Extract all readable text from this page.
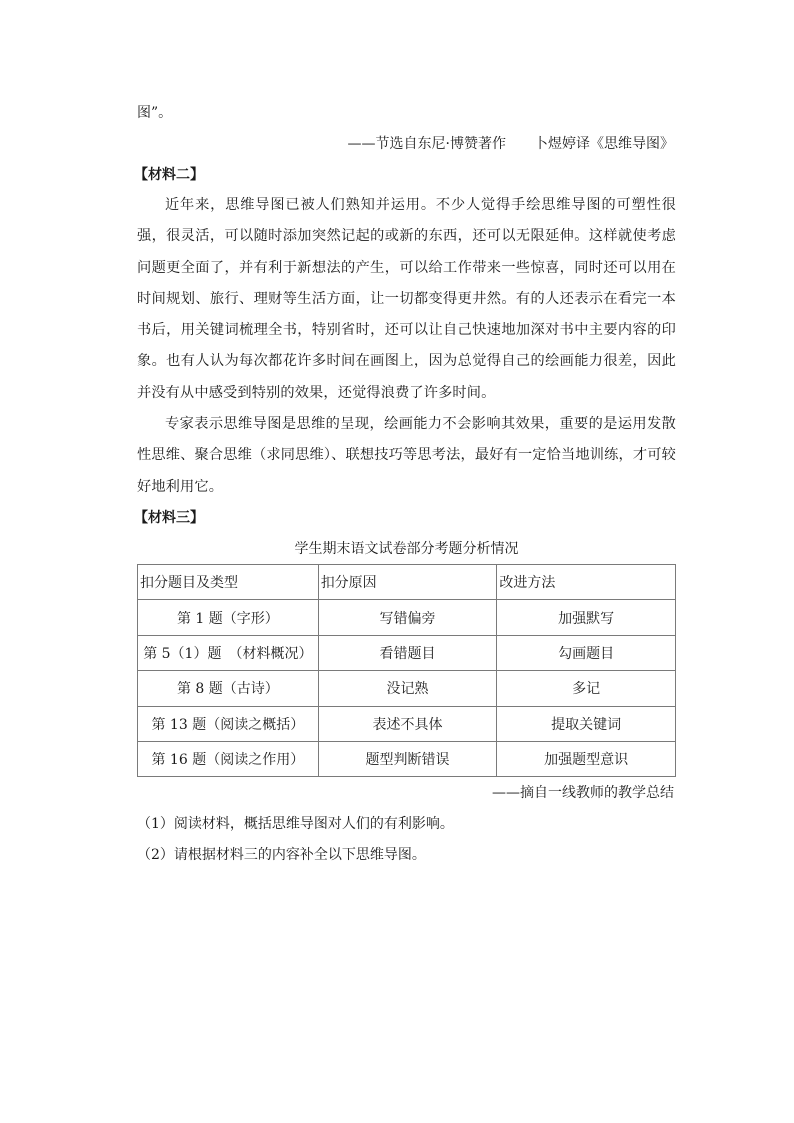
图”。
——节选自东尼·博赞著作　　卜煜婷译《思维导图》
【材料二】
近年来，思维导图已被人们熟知并运用。不少人觉得手绘思维导图的可塑性很强，很灵活，可以随时添加突然记起的或新的东西，还可以无限延伸。这样就使考虑问题更全面了，并有利于新想法的产生，可以给工作带来一些惊喜，同时还可以用在时间规划、旅行、理财等生活方面，让一切都变得更井然。有的人还表示在看完一本书后，用关键词梳理全书，特别省时，还可以让自己快速地加深对书中主要内容的印象。也有人认为每次都花许多时间在画图上，因为总觉得自己的绘画能力很差，因此并没有从中感受到特别的效果，还觉得浪费了许多时间。
专家表示思维导图是思维的呈现，绘画能力不会影响其效果，重要的是运用发散性思维、聚合思维（求同思维）、联想技巧等思考法，最好有一定恰当地训练，才可较好地利用它。
【材料三】
学生期末语文试卷部分考题分析情况
扣分题目及类型	扣分原因	改进方法
第 1 题（字形）	写错偏旁	加强默写
第 5（1）题　（材料概况）	看错题目	勾画题目
第 8 题（古诗）	没记熟	多记
第 13 题（阅读之概括）	表述不具体	提取关键词
第 16 题（阅读之作用）	题型判断错误	加强题型意识
——摘自一线教师的教学总结
（1）阅读材料，概括思维导图对人们的有利影响。
（2）请根据材料三的内容补全以下思维导图。
